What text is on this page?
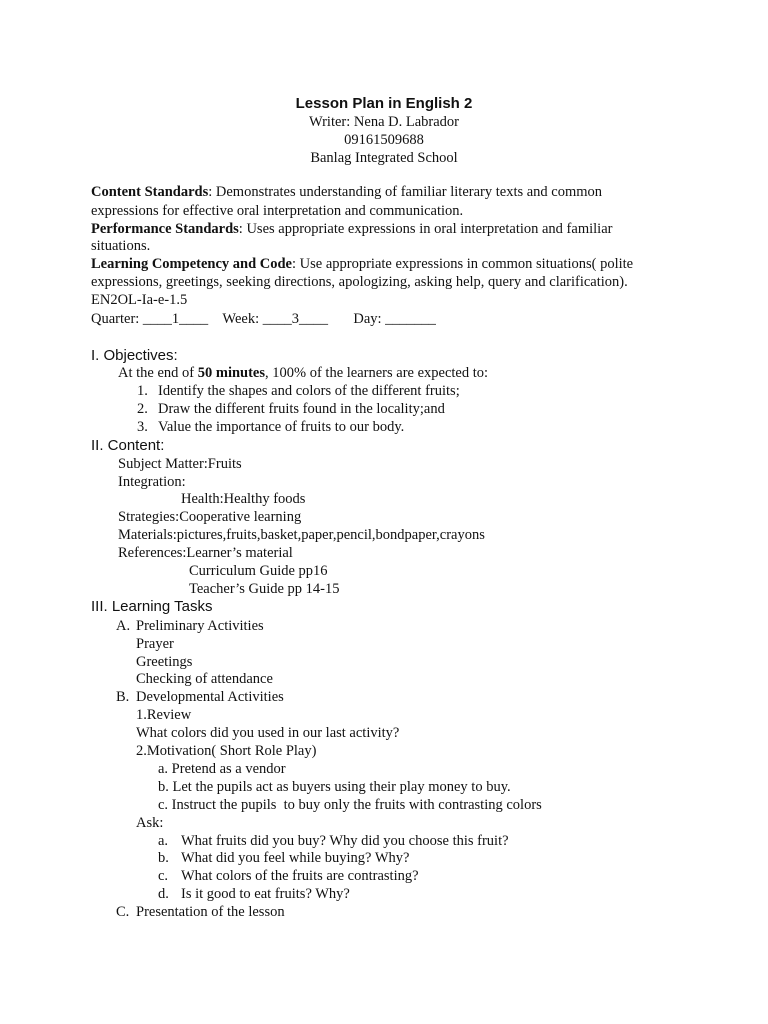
Lesson Plan in English 2
Writer: Nena D. Labrador
09161509688
Banlag Integrated School
Content Standards: Demonstrates understanding of familiar literary texts and common
expressions for effective oral interpretation and communication.
Performance Standards: Uses appropriate expressions in oral interpretation and familiar
situations.
Learning Competency and Code: Use appropriate expressions in common situations( polite
expressions, greetings, seeking directions, apologizing, asking help, query and clarification).
EN2OL-Ia-e-1.5
Quarter: ____1____    Week: ____3____       Day: _______
I. Objectives:
At the end of 50 minutes, 100% of the learners are expected to:
1. Identify the shapes and colors of the different fruits;
2. Draw the different fruits found in the locality;and
3. Value the importance of fruits to our body.
II. Content:
Subject Matter:Fruits
Integration:
Health:Healthy foods
Strategies:Cooperative learning
Materials:pictures,fruits,basket,paper,pencil,bondpaper,crayons
References:Learner’s material
Curriculum Guide pp16
Teacher’s Guide pp 14-15
III. Learning Tasks
A. Preliminary Activities
Prayer
Greetings
Checking of attendance
B. Developmental Activities
1.Review
What colors did you used in our last activity?
2.Motivation( Short Role Play)
a. Pretend as a vendor
b. Let the pupils act as buyers using their play money to buy.
c. Instruct the pupils  to buy only the fruits with contrasting colors
Ask:
a. What fruits did you buy? Why did you choose this fruit?
b. What did you feel while buying? Why?
c. What colors of the fruits are contrasting?
d. Is it good to eat fruits? Why?
C. Presentation of the lesson
